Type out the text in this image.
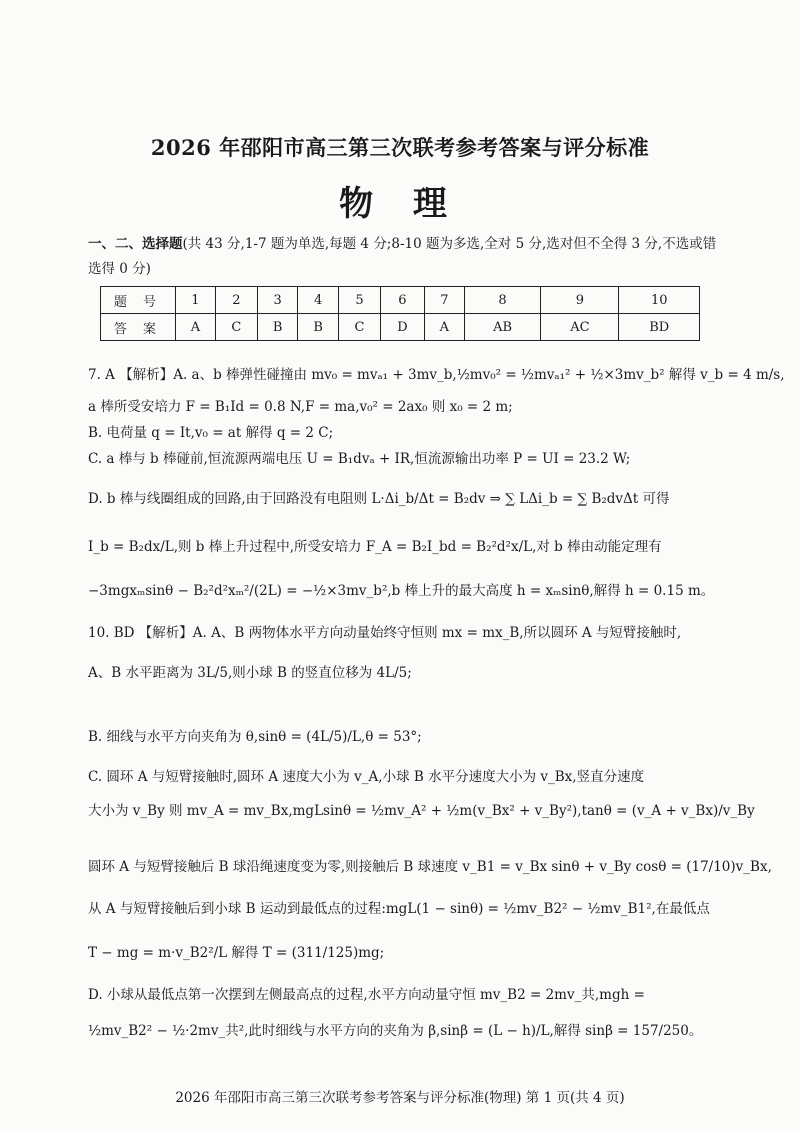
2026 年邵阳市高三第三次联考参考答案与评分标准
物 理
一、二、选择题(共 43 分,1-7 题为单选,每题 4 分;8-10 题为多选,全对 5 分,选对但不全得 3 分,不选或错选得 0 分)
题 号	1	2	3	4	5	6	7	8	9	10
答 案	A	C	B	B	C	D	A	AB	AC	BD
7. A 【解析】A. a、b 棒弹性碰撞由 mv₀ = mvₐ₁ + 3mv_b,½mv₀² = ½mvₐ₁² + ½×3mv_b² 解得 v_b = 4 m/s,
a 棒所受安培力 F = B₁Id = 0.8 N,F = ma,v₀² = 2ax₀ 则 x₀ = 2 m;
B. 电荷量 q = It,v₀ = at 解得 q = 2 C;
C. a 棒与 b 棒碰前,恒流源两端电压 U = B₁dvₐ + IR,恒流源输出功率 P = UI = 23.2 W;
D. b 棒与线圈组成的回路,由于回路没有电阻则 L·Δi_b/Δt = B₂dv ⇒ ∑ LΔi_b = ∑ B₂dvΔt 可得
I_b = B₂dx/L,则 b 棒上升过程中,所受安培力 F_A = B₂I_bd = B₂²d²x/L,对 b 棒由动能定理有
−3mgxₘsinθ − B₂²d²xₘ²/(2L) = −½×3mv_b²,b 棒上升的最大高度 h = xₘsinθ,解得 h = 0.15 m。
10. BD 【解析】A. A、B 两物体水平方向动量始终守恒则 mx = mx_B,所以圆环 A 与短臂接触时,
A、B 水平距离为 3L/5,则小球 B 的竖直位移为 4L/5;
B. 细线与水平方向夹角为 θ,sinθ = (4L/5)/L,θ = 53°;
C. 圆环 A 与短臂接触时,圆环 A 速度大小为 v_A,小球 B 水平分速度大小为 v_Bx,竖直分速度
大小为 v_By 则 mv_A = mv_Bx,mgLsinθ = ½mv_A² + ½m(v_Bx² + v_By²),tanθ = (v_A + v_Bx)/v_By
圆环 A 与短臂接触后 B 球沿绳速度变为零,则接触后 B 球速度 v_B1 = v_Bx sinθ + v_By cosθ = (17/10)v_Bx,
从 A 与短臂接触后到小球 B 运动到最低点的过程:mgL(1 − sinθ) = ½mv_B2² − ½mv_B1²,在最低点
T − mg = m·v_B2²/L 解得 T = (311/125)mg;
D. 小球从最低点第一次摆到左侧最高点的过程,水平方向动量守恒 mv_B2 = 2mv_共,mgh =
½mv_B2² − ½·2mv_共²,此时细线与水平方向的夹角为 β,sinβ = (L − h)/L,解得 sinβ = 157/250。
2026 年邵阳市高三第三次联考参考答案与评分标准(物理) 第 1 页(共 4 页)
